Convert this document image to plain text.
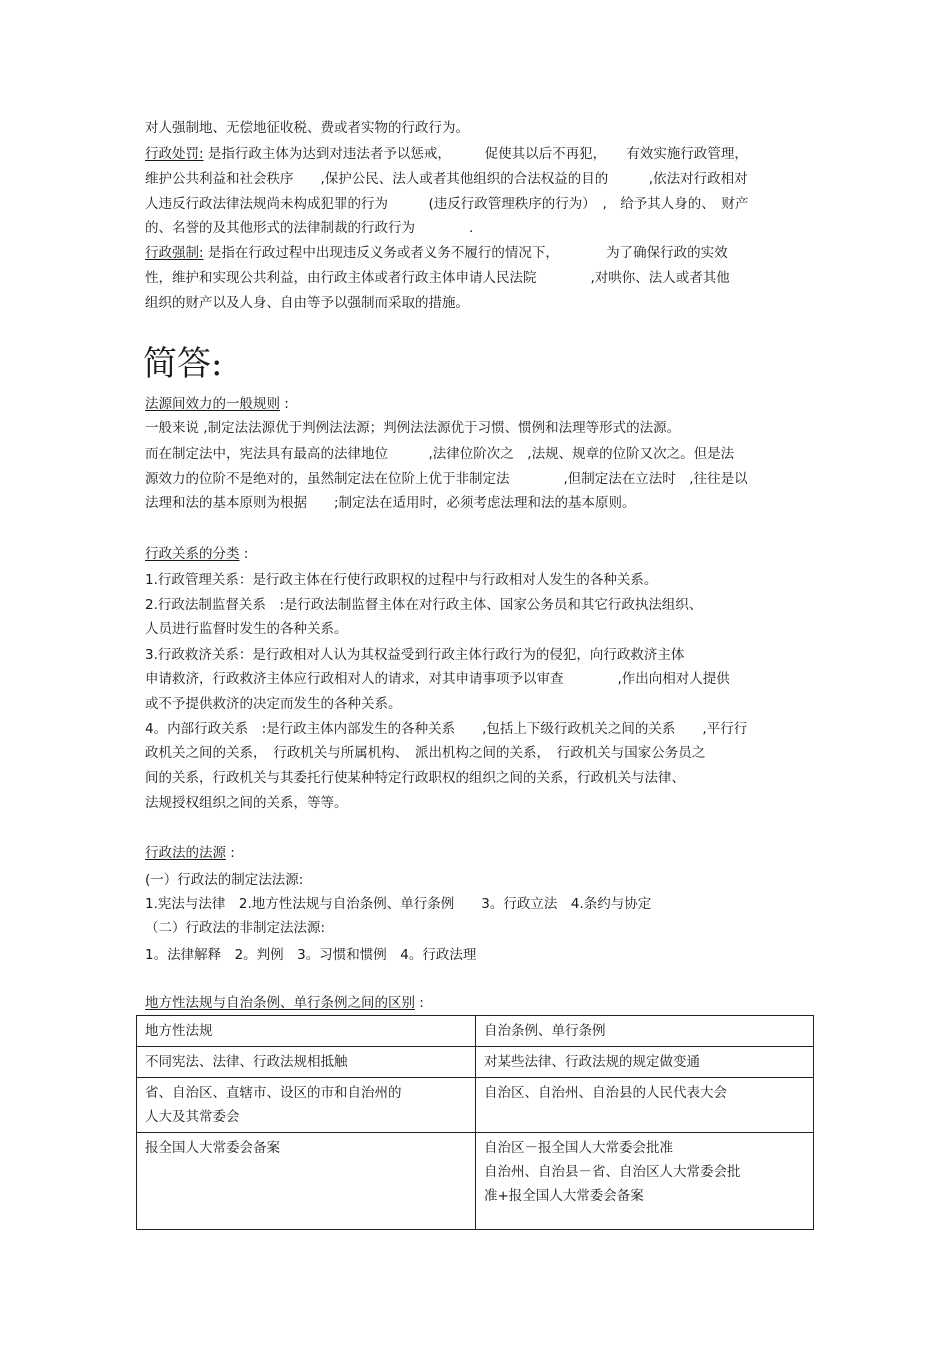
对人强制地、无偿地征收税、费或者实物的行政行为。
行政处罚: 是指行政主体为达到对违法者予以惩戒，　　　促使其以后不再犯，　　有效实施行政管理，
维护公共利益和社会秩序　　,保护公民、法人或者其他组织的合法权益的目的　　　,依法对行政相对
人违反行政法律法规尚未构成犯罪的行为　　　(违反行政管理秩序的行为）　,　给予其人身的、　财产
的、名誉的及其他形式的法律制裁的行政行为　　　　.
行政强制: 是指在行政过程中出现违反义务或者义务不履行的情况下，　　　　为了确保行政的实效
性，维护和实现公共利益，由行政主体或者行政主体申请人民法院　　　　,对哄你、法人或者其他
组织的财产以及人身、自由等予以强制而采取的措施。
简答:
法源间效力的一般规则 :
一般来说 ,制定法法源优于判例法法源；判例法法源优于习惯、惯例和法理等形式的法源。
而在制定法中，宪法具有最高的法律地位　　　,法律位阶次之　,法规、规章的位阶又次之。但是法
源效力的位阶不是绝对的，虽然制定法在位阶上优于非制定法　　　　,但制定法在立法时　,往往是以
法理和法的基本原则为根据　　;制定法在适用时，必须考虑法理和法的基本原则。
行政关系的分类 :
1.行政管理关系：是行政主体在行使行政职权的过程中与行政相对人发生的各种关系。
2.行政法制监督关系　:是行政法制监督主体在对行政主体、国家公务员和其它行政执法组织、
人员进行监督时发生的各种关系。
3.行政救济关系：是行政相对人认为其权益受到行政主体行政行为的侵犯，向行政救济主体
申请救济，行政救济主体应行政相对人的请求，对其申请事项予以审查　　　　,作出向相对人提供
或不予提供救济的决定而发生的各种关系。
4。内部行政关系　:是行政主体内部发生的各种关系　　,包括上下级行政机关之间的关系　　,平行行
政机关之间的关系，　行政机关与所属机构、　派出机构之间的关系，　行政机关与国家公务员之
间的关系，行政机关与其委托行使某种特定行政职权的组织之间的关系，行政机关与法律、
法规授权组织之间的关系，等等。
行政法的法源 :
(一）行政法的制定法法源:
1.宪法与法律　2.地方性法规与自治条例、单行条例　　3。行政立法　4.条约与协定
（二）行政法的非制定法法源:
1。法律解释　2。判例　3。习惯和惯例　4。行政法理
地方性法规与自治条例、单行条例之间的区别 :
地方性法规	自治条例、单行条例
不同宪法、法律、行政法规相抵触	对某些法律、行政法规的规定做变通

省、自治区、直辖市、设区的市和自治州的
人大及其常委会	自治区、自治州、自治县的人民代表大会
报全国人大常委会备案	自治区－报全国人大常委会批准
自治州、自治县－省、自治区人大常委会批
准+报全国人大常委会备案
